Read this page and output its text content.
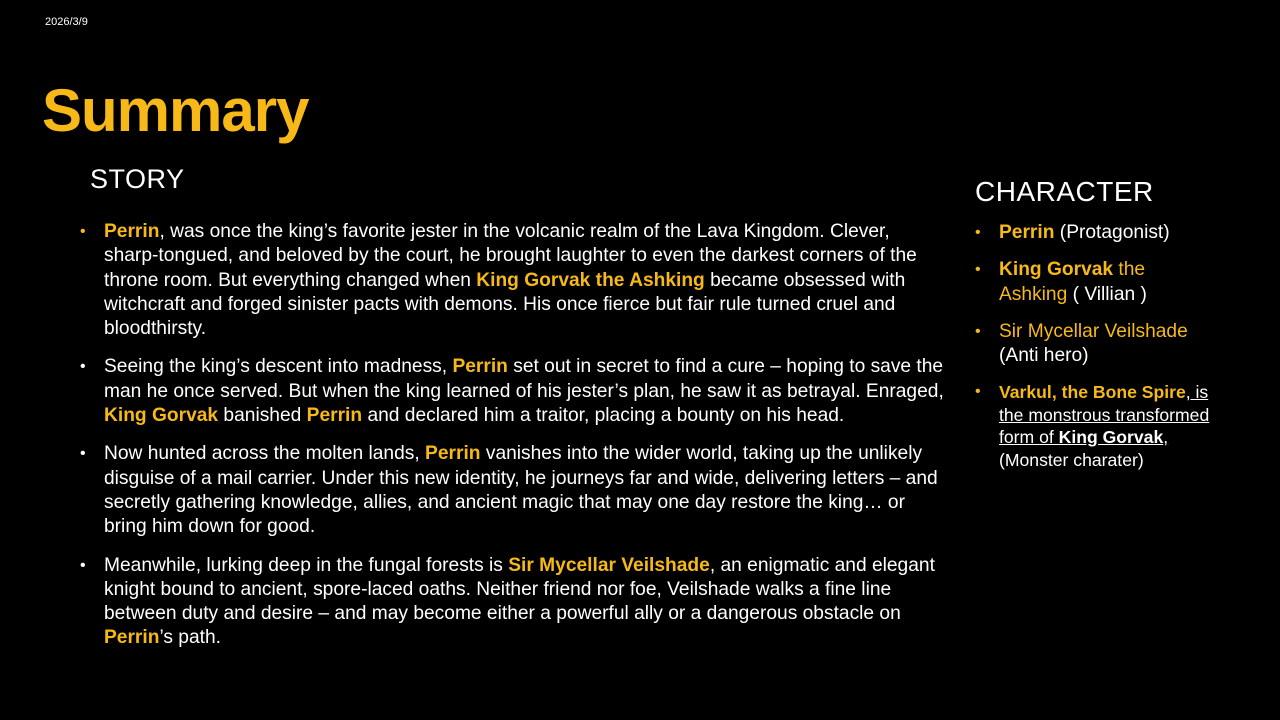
2026/3/9
Summary
STORY
• Perrin, was once the king’s favorite jester in the volcanic realm of the Lava Kingdom. Clever, sharp-tongued, and beloved by the court, he brought laughter to even the darkest corners of the throne room. But everything changed when King Gorvak the Ashking became obsessed with witchcraft and forged sinister pacts with demons. His once fierce but fair rule turned cruel and bloodthirsty.
• Seeing the king’s descent into madness, Perrin set out in secret to find a cure – hoping to save the man he once served. But when the king learned of his jester’s plan, he saw it as betrayal. Enraged, King Gorvak banished Perrin and declared him a traitor, placing a bounty on his head.
• Now hunted across the molten lands, Perrin vanishes into the wider world, taking up the unlikely disguise of a mail carrier. Under this new identity, he journeys far and wide, delivering letters – and secretly gathering knowledge, allies, and ancient magic that may one day restore the king… or bring him down for good.
• Meanwhile, lurking deep in the fungal forests is Sir Mycellar Veilshade, an enigmatic and elegant knight bound to ancient, spore-laced oaths. Neither friend nor foe, Veilshade walks a fine line between duty and desire – and may become either a powerful ally or a dangerous obstacle on Perrin’s path.
CHARACTER
• Perrin (Protagonist)
• King Gorvak the Ashking ( Villian )
• Sir Mycellar Veilshade (Anti hero)
• Varkul, the Bone Spire, is the monstrous transformed form of King Gorvak, (Monster charater)
